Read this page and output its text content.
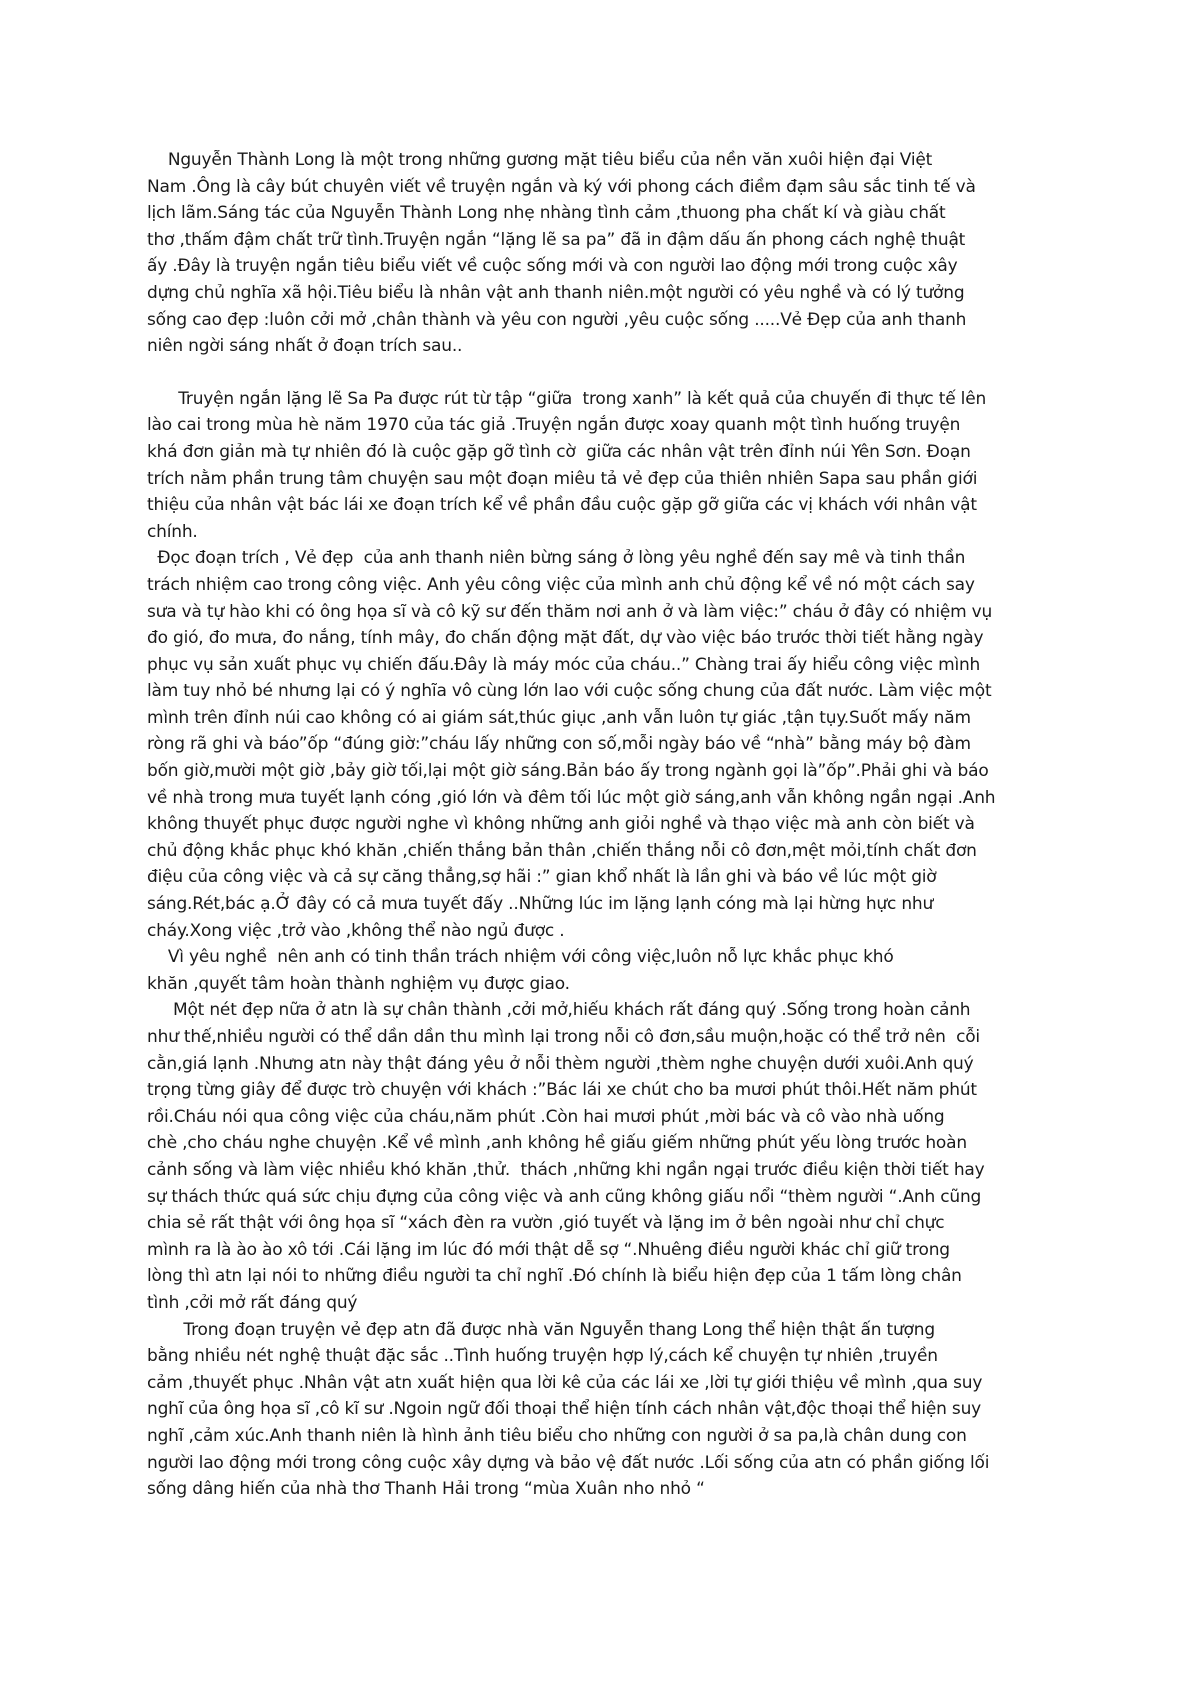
Nguyễn Thành Long là một trong những gương mặt tiêu biểu của nền văn xuôi hiện đại Việt
Nam .Ông là cây bút chuyên viết về truyện ngắn và ký với phong cách điềm đạm sâu sắc tinh tế và
lịch lãm.Sáng tác của Nguyễn Thành Long nhẹ nhàng tình cảm ,thuong pha chất kí và giàu chất
thơ ,thấm đậm chất trữ tình.Truyện ngắn “lặng lẽ sa pa” đã in đậm dấu ấn phong cách nghệ thuật
ấy .Đây là truyện ngắn tiêu biểu viết về cuộc sống mới và con người lao động mới trong cuộc xây
dựng chủ nghĩa xã hội.Tiêu biểu là nhân vật anh thanh niên.một người có yêu nghề và có lý tưởng
sống cao đẹp :luôn cởi mở ,chân thành và yêu con người ,yêu cuộc sống .....Vẻ Đẹp của anh thanh
niên ngời sáng nhất ở đoạn trích sau..
Truyện ngắn lặng lẽ Sa Pa được rút từ tập “giữa  trong xanh” là kết quả của chuyến đi thực tế lên
lào cai trong mùa hè năm 1970 của tác giả .Truyện ngắn được xoay quanh một tình huống truyện
khá đơn giản mà tự nhiên đó là cuộc gặp gỡ tình cờ  giữa các nhân vật trên đỉnh núi Yên Sơn. Đoạn
trích nằm phần trung tâm chuyện sau một đoạn miêu tả vẻ đẹp của thiên nhiên Sapa sau phần giới
thiệu của nhân vật bác lái xe đoạn trích kể về phần đầu cuộc gặp gỡ giữa các vị khách với nhân vật
chính.
Đọc đoạn trích , Vẻ đẹp  của anh thanh niên bừng sáng ở lòng yêu nghề đến say mê và tinh thần
trách nhiệm cao trong công việc. Anh yêu công việc của mình anh chủ động kể về nó một cách say
sưa và tự hào khi có ông họa sĩ và cô kỹ sư đến thăm nơi anh ở và làm việc:” cháu ở đây có nhiệm vụ
đo gió, đo mưa, đo nắng, tính mây, đo chấn động mặt đất, dự vào việc báo trước thời tiết hằng ngày
phục vụ sản xuất phục vụ chiến đấu.Đây là máy móc của cháu..” Chàng trai ấy hiểu công việc mình
làm tuy nhỏ bé nhưng lại có ý nghĩa vô cùng lớn lao với cuộc sống chung của đất nước. Làm việc một
mình trên đỉnh núi cao không có ai giám sát,thúc giục ,anh vẫn luôn tự giác ,tận tụy.Suốt mấy năm
ròng rã ghi và báo”ốp “đúng giờ:”cháu lấy những con số,mỗi ngày báo về “nhà” bằng máy bộ đàm
bốn giờ,mười một giờ ,bảy giờ tối,lại một giờ sáng.Bản báo ấy trong ngành gọi là”ốp”.Phải ghi và báo
về nhà trong mưa tuyết lạnh cóng ,gió lớn và đêm tối lúc một giờ sáng,anh vẫn không ngần ngại .Anh
không thuyết phục được người nghe vì không những anh giỏi nghề và thạo việc mà anh còn biết và
chủ động khắc phục khó khăn ,chiến thắng bản thân ,chiến thắng nỗi cô đơn,mệt mỏi,tính chất đơn
điệu của công việc và cả sự căng thẳng,sợ hãi :” gian khổ nhất là lần ghi và báo về lúc một giờ
sáng.Rét,bác ạ.Ở đây có cả mưa tuyết đấy ..Những lúc im lặng lạnh cóng mà lại hừng hực như
cháy.Xong việc ,trở vào ,không thể nào ngủ được .
Vì yêu nghề  nên anh có tinh thần trách nhiệm với công việc,luôn nỗ lực khắc phục khó
khăn ,quyết tâm hoàn thành nghiệm vụ được giao.
Một nét đẹp nữa ở atn là sự chân thành ,cởi mở,hiếu khách rất đáng quý .Sống trong hoàn cảnh
như thế,nhiều người có thể dần dần thu mình lại trong nỗi cô đơn,sầu muộn,hoặc có thể trở nên  cỗi
cằn,giá lạnh .Nhưng atn này thật đáng yêu ở nỗi thèm người ,thèm nghe chuyện dưới xuôi.Anh quý
trọng từng giây để được trò chuyện với khách :”Bác lái xe chút cho ba mươi phút thôi.Hết năm phút
rồi.Cháu nói qua công việc của cháu,năm phút .Còn hai mươi phút ,mời bác và cô vào nhà uống
chè ,cho cháu nghe chuyện .Kể về mình ,anh không hề giấu giếm những phút yếu lòng trước hoàn
cảnh sống và làm việc nhiều khó khăn ,thử.  thách ,những khi ngần ngại trước điều kiện thời tiết hay
sự thách thức quá sức chịu đựng của công việc và anh cũng không giấu nổi “thèm người “.Anh cũng
chia sẻ rất thật với ông họa sĩ “xách đèn ra vườn ,gió tuyết và lặng im ở bên ngoài như chỉ chực
mình ra là ào ào xô tới .Cái lặng im lúc đó mới thật dễ sợ “.Nhuêng điều người khác chỉ giữ trong
lòng thì atn lại nói to những điều người ta chỉ nghĩ .Đó chính là biểu hiện đẹp của 1 tấm lòng chân
tình ,cởi mở rất đáng quý
Trong đoạn truyện vẻ đẹp atn đã được nhà văn Nguyễn thang Long thể hiện thật ấn tượng
bằng nhiều nét nghệ thuật đặc sắc ..Tình huống truyện hợp lý,cách kể chuyện tự nhiên ,truyền
cảm ,thuyết phục .Nhân vật atn xuất hiện qua lời kê của các lái xe ,lời tự giới thiệu về mình ,qua suy
nghĩ của ông họa sĩ ,cô kĩ sư .Ngoin ngữ đối thoại thể hiện tính cách nhân vật,độc thoại thể hiện suy
nghĩ ,cảm xúc.Anh thanh niên là hình ảnh tiêu biểu cho những con người ở sa pa,là chân dung con
người lao động mới trong công cuộc xây dựng và bảo vệ đất nước .Lối sống của atn có phần giống lối
sống dâng hiến của nhà thơ Thanh Hải trong “mùa Xuân nho nhỏ “
